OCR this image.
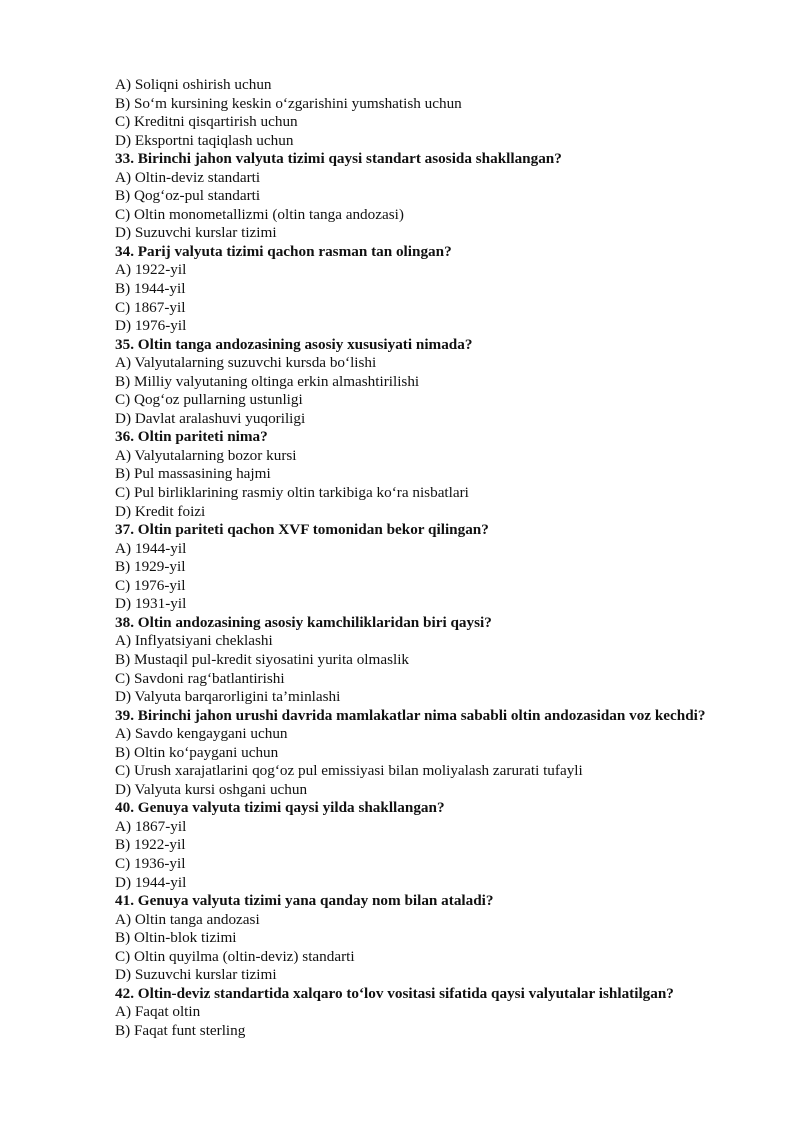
A) Soliqni oshirish uchun
B) So‘m kursining keskin o‘zgarishini yumshatish uchun
C) Kreditni qisqartirish uchun
D) Eksportni taqiqlash uchun
33. Birinchi jahon valyuta tizimi qaysi standart asosida shakllangan?
A) Oltin-deviz standarti
B) Qog‘oz-pul standarti
C) Oltin monometallizmi (oltin tanga andozasi)
D) Suzuvchi kurslar tizimi
34. Parij valyuta tizimi qachon rasman tan olingan?
A) 1922-yil
B) 1944-yil
C) 1867-yil
D) 1976-yil
35. Oltin tanga andozasining asosiy xususiyati nimada?
A) Valyutalarning suzuvchi kursda bo‘lishi
B) Milliy valyutaning oltinga erkin almashtirilishi
C) Qog‘oz pullarning ustunligi
D) Davlat aralashuvi yuqoriligi
36. Oltin pariteti nima?
A) Valyutalarning bozor kursi
B) Pul massasining hajmi
C) Pul birliklarining rasmiy oltin tarkibiga ko‘ra nisbatlari
D) Kredit foizi
37. Oltin pariteti qachon XVF tomonidan bekor qilingan?
A) 1944-yil
B) 1929-yil
C) 1976-yil
D) 1931-yil
38. Oltin andozasining asosiy kamchiliklaridan biri qaysi?
A) Inflyatsiyani cheklashi
B) Mustaqil pul-kredit siyosatini yurita olmaslik
C) Savdoni rag‘batlantirishi
D) Valyuta barqarorligini ta’minlashi
39. Birinchi jahon urushi davrida mamlakatlar nima sababli oltin andozasidan voz kechdi?
A) Savdo kengaygani uchun
B) Oltin ko‘paygani uchun
C) Urush xarajatlarini qog‘oz pul emissiyasi bilan moliyalash zarurati tufayli
D) Valyuta kursi oshgani uchun
40. Genuya valyuta tizimi qaysi yilda shakllangan?
A) 1867-yil
B) 1922-yil
C) 1936-yil
D) 1944-yil
41. Genuya valyuta tizimi yana qanday nom bilan ataladi?
A) Oltin tanga andozasi
B) Oltin-blok tizimi
C) Oltin quyilma (oltin-deviz) standarti
D) Suzuvchi kurslar tizimi
42. Oltin-deviz standartida xalqaro to‘lov vositasi sifatida qaysi valyutalar ishlatilgan?
A) Faqat oltin
B) Faqat funt sterling
